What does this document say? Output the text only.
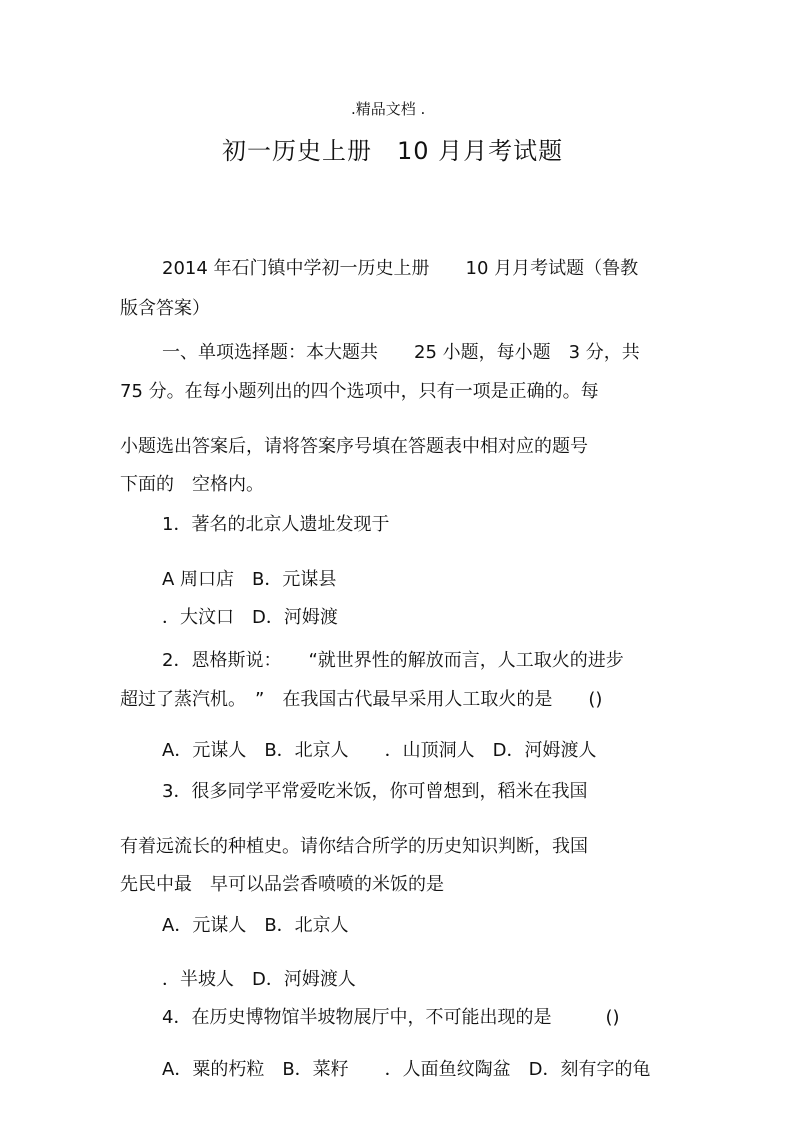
.精品文档 .
初一历史上册　10 月月考试题
2014 年石门镇中学初一历史上册　　10 月月考试题（鲁教
版含答案）
一、单项选择题：本大题共　　25 小题，每小题　3 分，共
75 分。在每小题列出的四个选项中，只有一项是正确的。每
小题选出答案后，请将答案序号填在答题表中相对应的题号
下面的　空格内。
1．著名的北京人遗址发现于
A 周口店　B．元谋县
．大汶口　D．河姆渡
2．恩格斯说：　　“就世界性的解放而言，人工取火的进步
超过了蒸汽机。　”　在我国古代最早采用人工取火的是　　()
A．元谋人　B．北京人　　．山顶洞人　D．河姆渡人
3．很多同学平常爱吃米饭，你可曾想到，稻米在我国
有着远流长的种植史。请你结合所学的历史知识判断，我国
先民中最　早可以品尝香喷喷的米饭的是
A．元谋人　B．北京人
．半坡人　D．河姆渡人
4．在历史博物馆半坡物展厅中，不可能出现的是　　　()
A．粟的朽粒　B．菜籽　　．人面鱼纹陶盆　D．刻有字的龟
